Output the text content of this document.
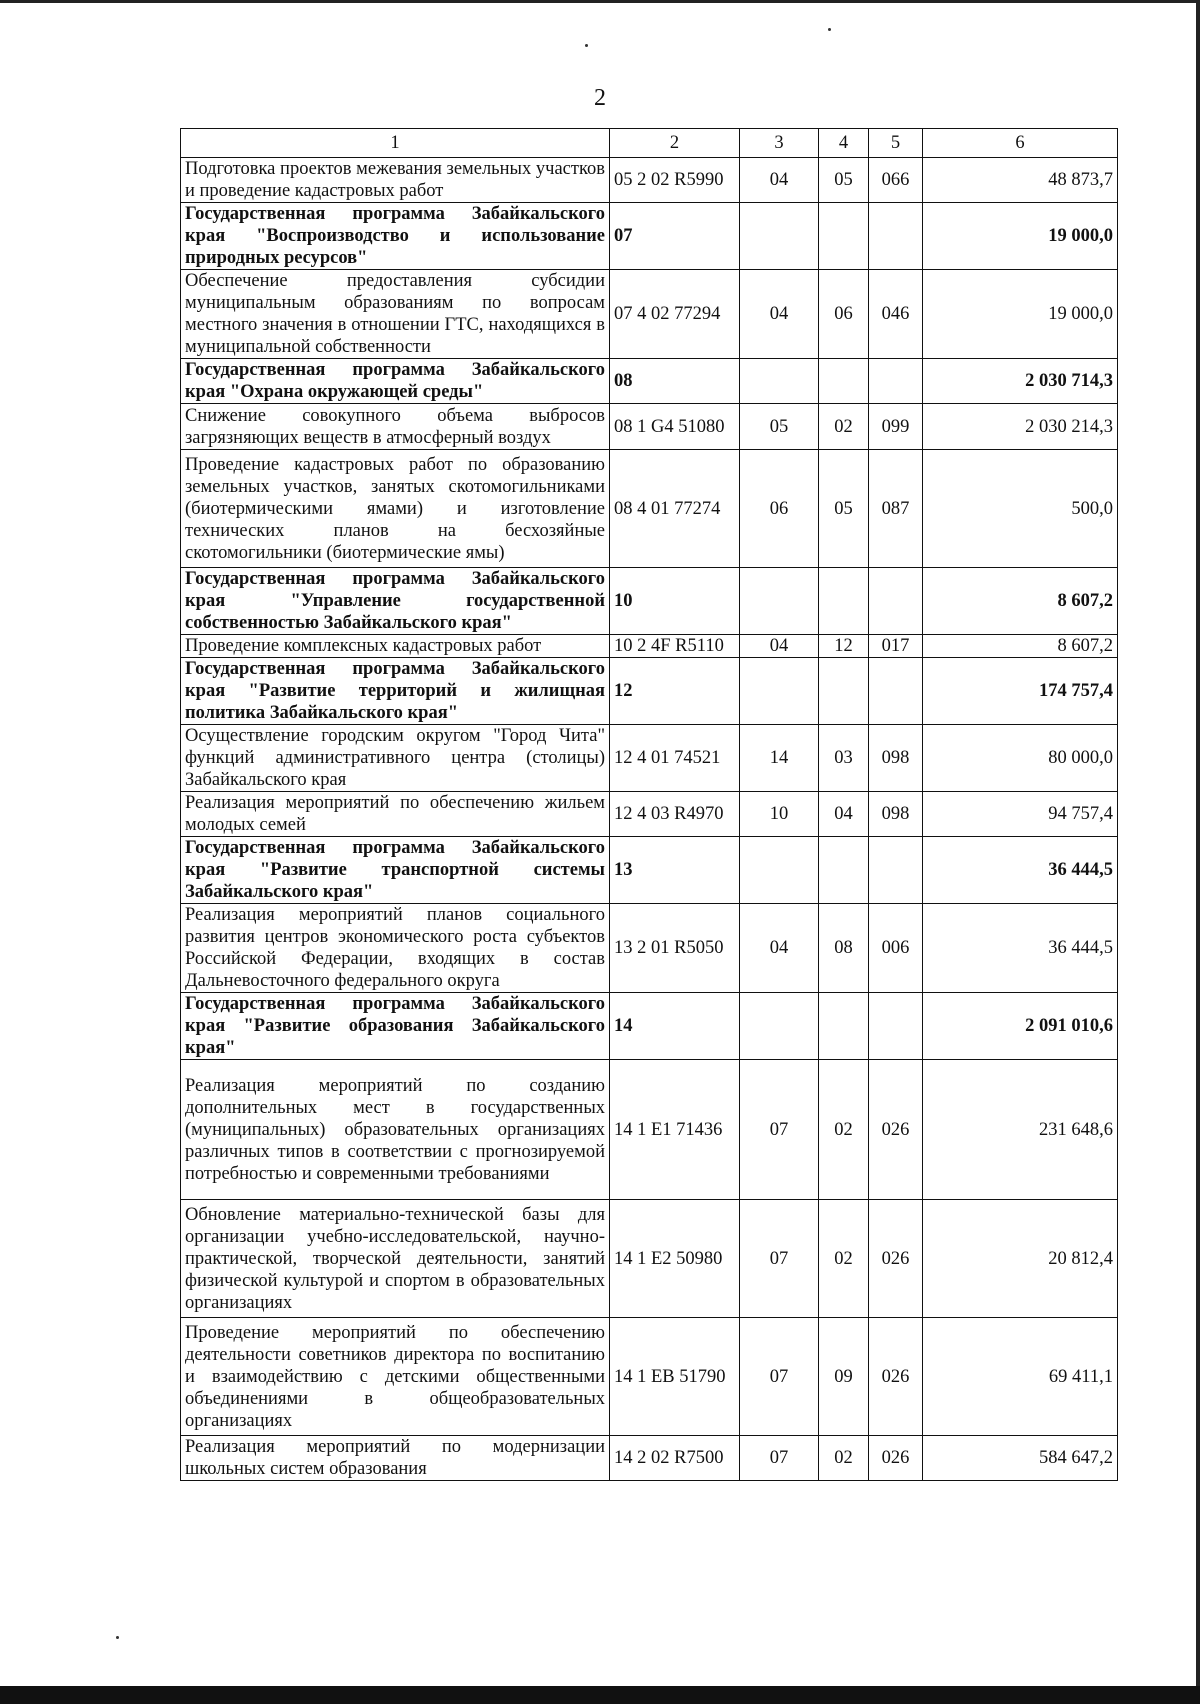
2
1	2	3	4	5	6
Подготовка проектов межевания земельных участков и проведение кадастровых работ	05 2 02 R5990	04	05	066	48 873,7
Государственная программа Забайкальского края "Воспроизводство и использование природных ресурсов"	07				19 000,0
Обеспечение предоставления субсидии муниципальным образованиям по вопросам местного значения в отношении ГТС, находящихся в муниципальной собственности	07 4 02 77294	04	06	046	19 000,0
Государственная программа Забайкальского края "Охрана окружающей среды"	08				2 030 714,3
Снижение совокупного объема выбросов загрязняющих веществ в атмосферный воздух	08 1 G4 51080	05	02	099	2 030 214,3
Проведение кадастровых работ по образованию земельных участков, занятых скотомогильниками (биотермическими ямами) и изготовление технических планов на бесхозяйные скотомогильники (биотермические ямы)	08 4 01 77274	06	05	087	500,0
Государственная программа Забайкальского края "Управление государственной собственностью Забайкальского края"	10				8 607,2
Проведение комплексных кадастровых работ	10 2 4F R5110	04	12	017	8 607,2
Государственная программа Забайкальского края "Развитие территорий и жилищная политика Забайкальского края"	12				174 757,4
Осуществление городским округом "Город Чита" функций административного центра (столицы) Забайкальского края	12 4 01 74521	14	03	098	80 000,0
Реализация мероприятий по обеспечению жильем молодых семей	12 4 03 R4970	10	04	098	94 757,4
Государственная программа Забайкальского края "Развитие транспортной системы Забайкальского края"	13				36 444,5
Реализация мероприятий планов социального развития центров экономического роста субъектов Российской Федерации, входящих в состав Дальневосточного федерального округа	13 2 01 R5050	04	08	006	36 444,5
Государственная программа Забайкальского края "Развитие образования Забайкальского края"	14				2 091 010,6
Реализация мероприятий по созданию дополнительных мест в государственных (муниципальных) образовательных организациях различных типов в соответствии с прогнозируемой потребностью и современными требованиями	14 1 E1 71436	07	02	026	231 648,6
Обновление материально-технической базы для организации учебно-исследовательской, научно-практической, творческой деятельности, занятий физической культурой и спортом в образовательных организациях	14 1 E2 50980	07	02	026	20 812,4
Проведение мероприятий по обеспечению деятельности советников директора по воспитанию и взаимодействию с детскими общественными объединениями в общеобразовательных организациях	14 1 EB 51790	07	09	026	69 411,1
Реализация мероприятий по модернизации школьных систем образования	14 2 02 R7500	07	02	026	584 647,2
